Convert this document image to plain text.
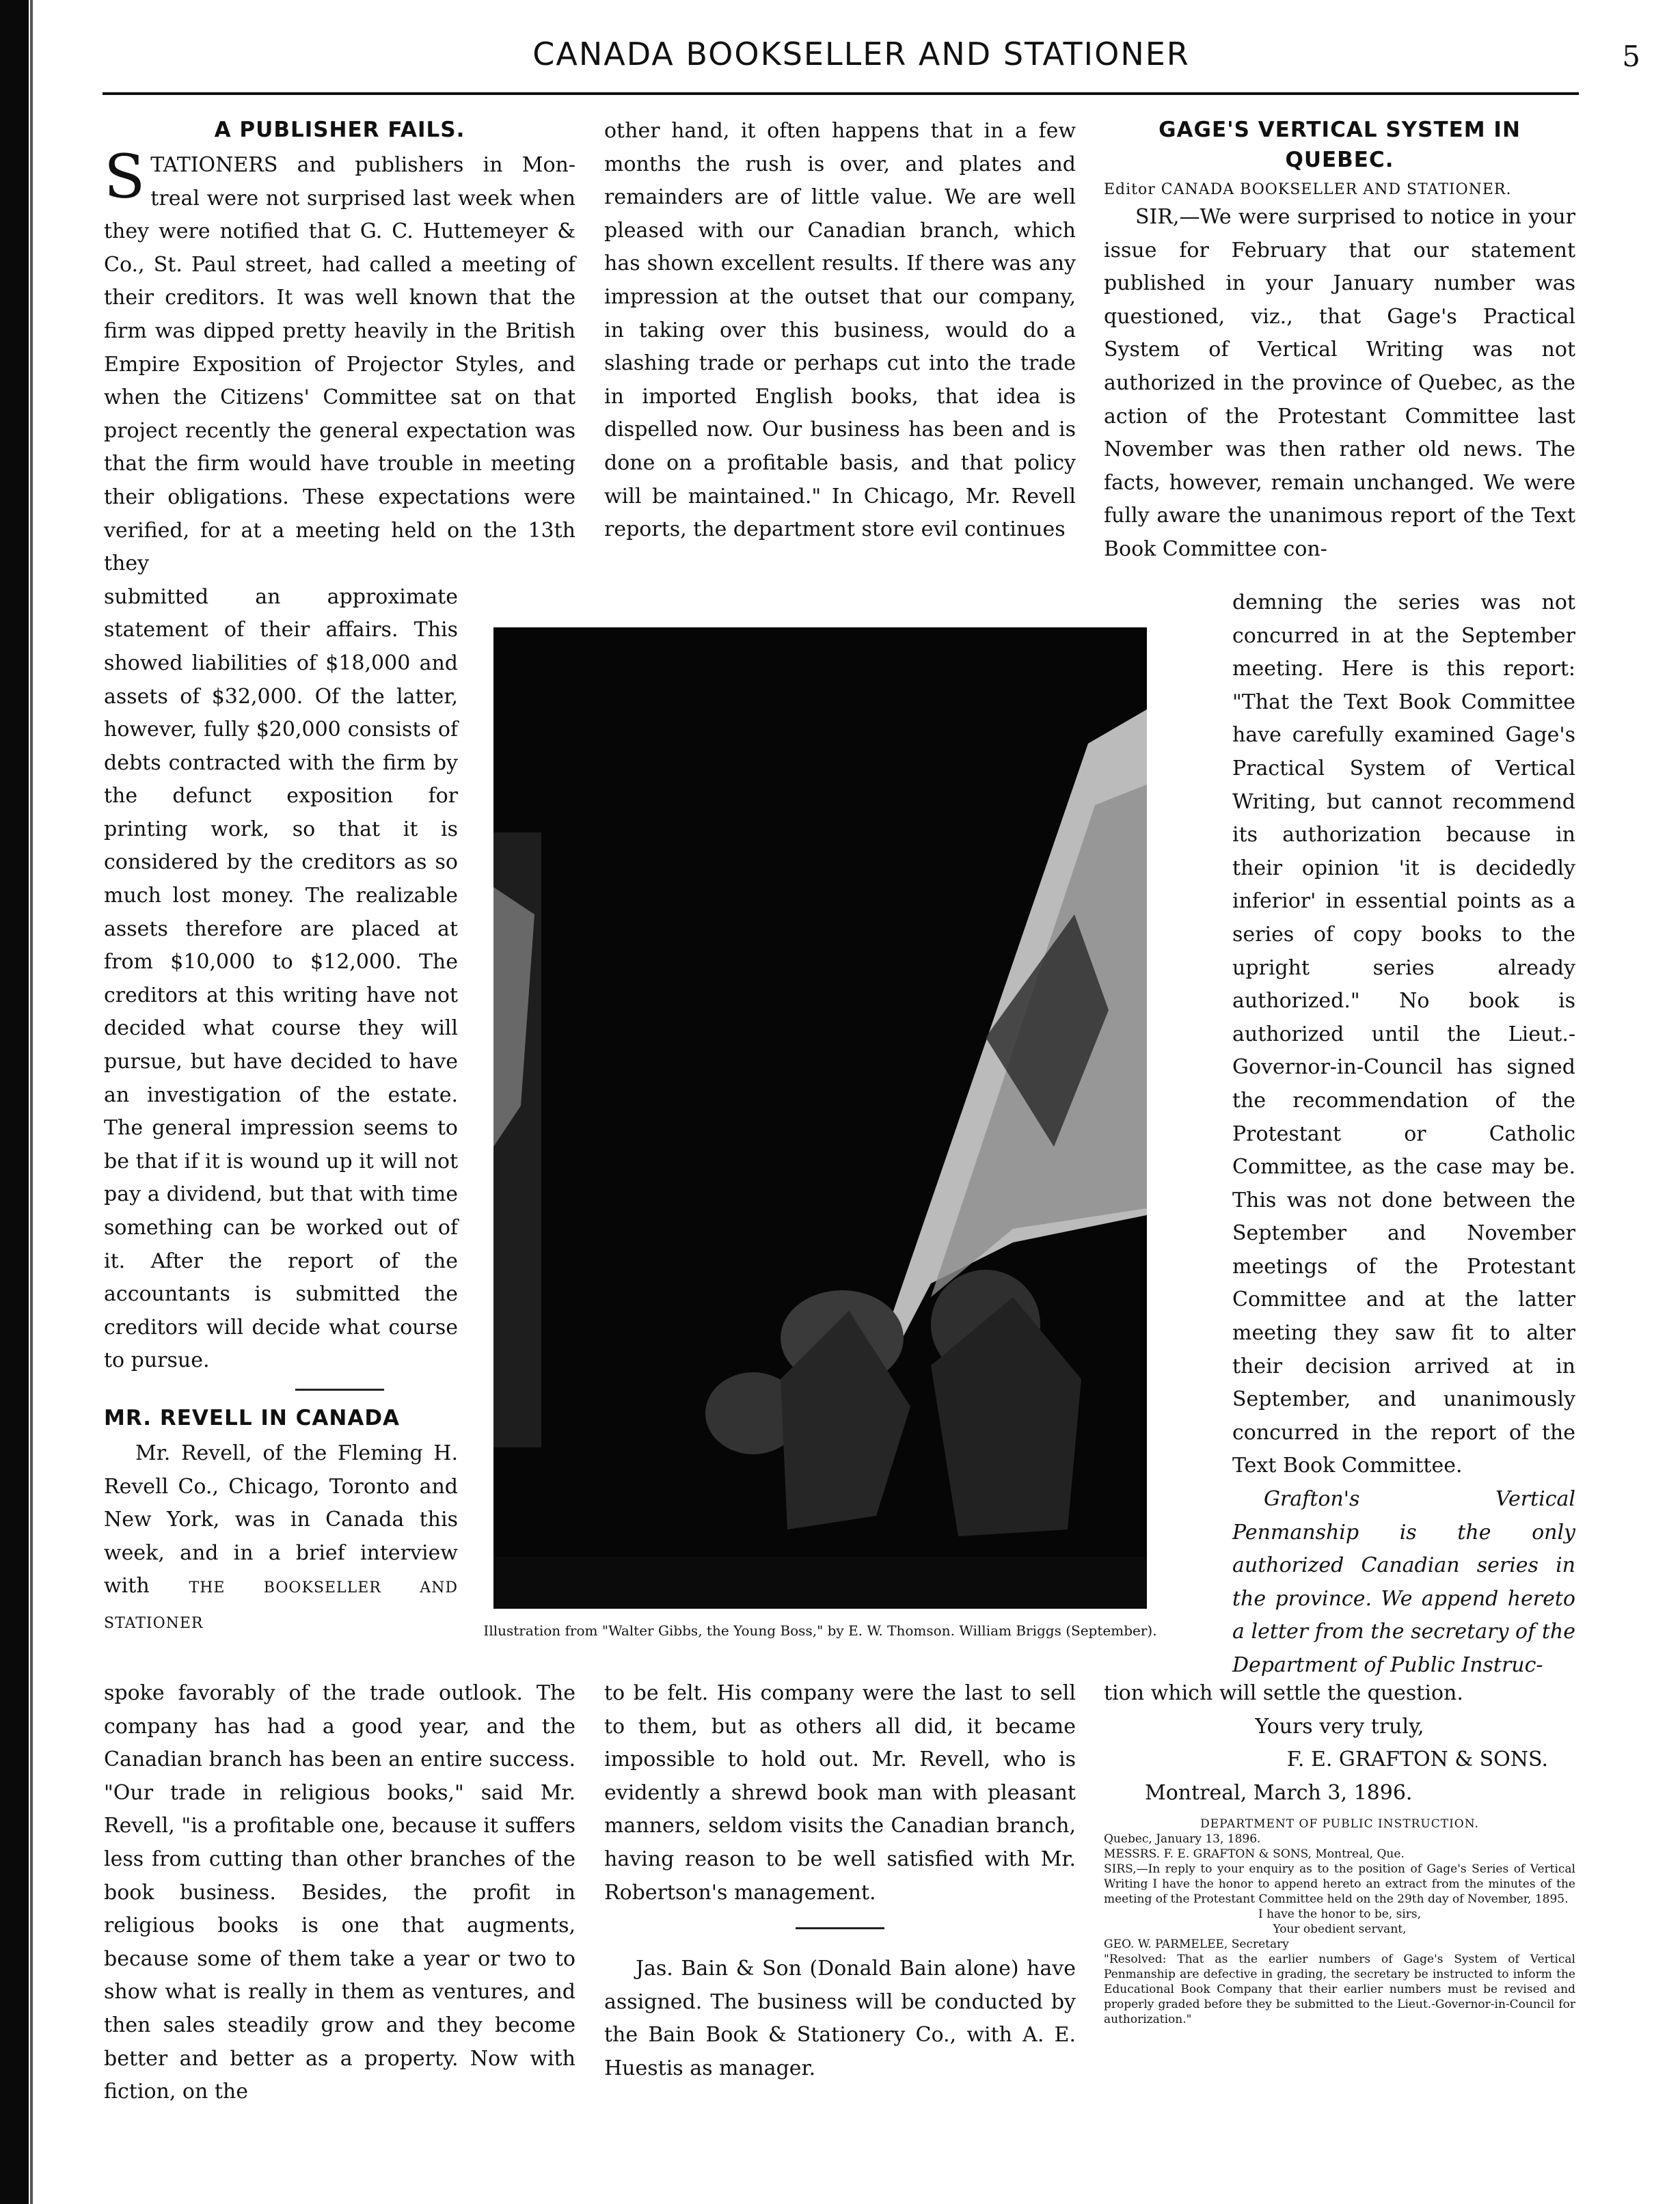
CANADA BOOKSELLER AND STATIONER	5
A PUBLISHER FAILS.

S TATIONERS and publishers in Mon- treal were not surprised last week when they were notified that G. C. Huttemeyer & Co., St. Paul street, had called a meeting of their creditors. It was well known that the firm was dipped pretty heavily in the British Empire Exposition of Projector Styles, and when the Citizens' Committee sat on that project recently the general expectation was that the firm would have trouble in meeting their obligations. These expectations were verified, for at a meeting held on the 13th they

submitted an approximate statement of their affairs. This showed liabilities of $18,000 and assets of $32,000. Of the latter, however, fully $20,000 consists of debts contracted with the firm by the defunct exposition for printing work, so that it is considered by the creditors as so much lost money. The realizable assets therefore are placed at from $10,000 to $12,000. The creditors at this writing have not decided what course they will pursue, but have decided to have an investigation of the estate. The general impression seems to be that if it is wound up it will not pay a dividend, but that with time something can be worked out of it. After the report of the accountants is submitted the creditors will decide what course to pursue.

MR. REVELL IN CANADA

Mr. Revell, of the Fleming H. Revell Co., Chicago, Toronto and New York, was in Canada this week, and in a brief interview with	THE BOOKSELLER AND STATIONER

other hand, it often happens that in a few months the rush is over, and plates and remainders are of little value. We are well pleased with our Canadian branch, which has shown excellent results. If there was any impression at the outset that our company, in taking over this business, would do a slashing trade or perhaps cut into the trade in imported English books, that idea is dispelled now. Our business has been and is done on a profitable basis, and that policy will be maintained." In Chicago, Mr. Revell reports, the department store evil continues

GAGE'S VERTICAL SYSTEM IN QUEBEC.

Editor CANADA BOOKSELLER AND STATIONER.

SIR,—We were surprised to notice in your issue for February that our statement published in your January number was questioned, viz., that Gage's Practical System of Vertical Writing was not authorized in the province of Quebec, as the action of the Protestant Committee last November was then rather old news. The facts, however, remain unchanged. We were fully aware the unanimous report of the Text Book Committee con-

demning the series was not concurred in at the September meeting. Here is this report: "That the Text Book Committee have carefully examined Gage's Practical System of Vertical Writing, but cannot recommend its authorization because in their opinion 'it is decidedly inferior' in essential points as a series of copy books to the upright series already authorized." No book is authorized until the Lieut.-Governor-in-Council has signed the recommendation of the Protestant or Catholic Committee, as the case may be. This was not done between the September and November meetings of the Protestant Committee and at the latter meeting they saw fit to alter their decision arrived at in September, and unanimously concurred in the report of the Text Book Committee.

Grafton's Vertical Penmanship is the only authorized Canadian series in the province. We append hereto a letter from the secretary of the Department of Public Instruc-

Illustration from "Walter Gibbs, the Young Boss," by E. W. Thomson. William Briggs (September).

spoke favorably of the trade outlook. The company has had a good year, and the Canadian branch has been an entire success. "Our trade in religious books," said Mr. Revell, "is a profitable one, because it suffers less from cutting than other branches of the book business. Besides, the profit in religious books is one that augments, because some of them take a year or two to show what is really in them as ventures, and then sales steadily grow and they become better and better as a property. Now with fiction, on the

to be felt. His company were the last to sell to them, but as others all did, it became impossible to hold out. Mr. Revell, who is evidently a shrewd book man with pleasant manners, seldom visits the Canadian branch, having reason to be well satisfied with Mr. Robertson's management.

Jas. Bain & Son (Donald Bain alone) have assigned. The business will be conducted by the Bain Book & Stationery Co., with A. E. Huestis as manager.

tion which will settle the question.

Yours very truly,

F. E. GRAFTON & SONS.

Montreal, March 3, 1896.

DEPARTMENT OF PUBLIC INSTRUCTION.

Quebec, January 13, 1896.

MESSRS. F. E. GRAFTON & SONS, Montreal, Que.

SIRS,—In reply to your enquiry as to the position of Gage's Series of Vertical Writing I have the honor to append hereto an extract from the minutes of the meeting of the Protestant Committee held on the 29th day of November, 1895.

I have the honor to be, sirs,

Your obedient servant,

GEO. W. PARMELEE, Secretary

"Resolved: That as the earlier numbers of Gage's System of Vertical Penmanship are defective in grading, the secretary be instructed to inform the Educational Book Company that their earlier numbers must be revised and properly graded before they be submitted to the Lieut.-Governor-in-Council for authorization."
